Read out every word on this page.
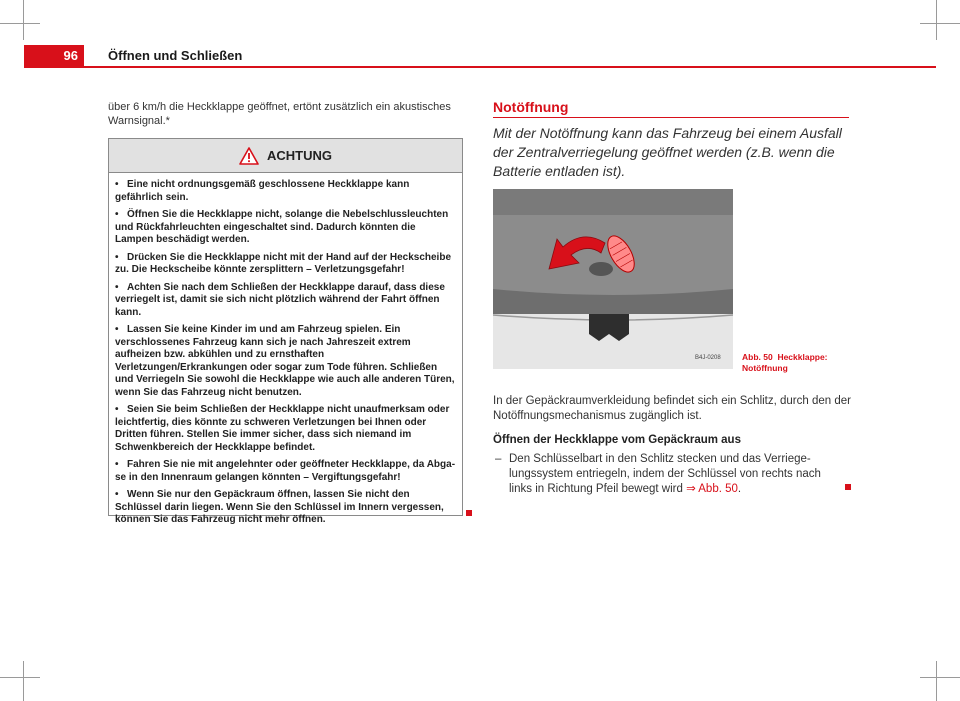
96	Öffnen und Schließen

über 6 km/h die Heckklappe geöffnet, ertönt zusätzlich ein akustisches Warnsignal.*

ACHTUNG
• Eine nicht ordnungsgemäß geschlossene Heckklappe kann gefährlich sein.
• Öffnen Sie die Heckklappe nicht, solange die Nebelschlussleuchten und Rückfahrleuchten eingeschaltet sind. Dadurch könnten die Lampen beschädigt werden.
• Drücken Sie die Heckklappe nicht mit der Hand auf der Heckscheibe zu. Die Heckscheibe könnte zersplittern – Verletzungsgefahr!
• Achten Sie nach dem Schließen der Heckklappe darauf, dass diese verriegelt ist, damit sie sich nicht plötzlich während der Fahrt öffnen kann.
• Lassen Sie keine Kinder im und am Fahrzeug spielen. Ein verschlossenes Fahrzeug kann sich je nach Jahreszeit extrem aufheizen bzw. abkühlen und zu ernsthaften Verletzungen/Erkrankungen oder sogar zum Tode führen. Schließen und Verriegeln Sie sowohl die Heckklappe wie auch alle anderen Türen, wenn Sie das Fahrzeug nicht benutzen.
• Seien Sie beim Schließen der Heckklappe nicht unaufmerksam oder leichtfertig, dies könnte zu schweren Verletzungen bei Ihnen oder Dritten führen. Stellen Sie immer sicher, dass sich niemand im Schwenkbereich der Heckklappe befindet.
• Fahren Sie nie mit angelehnter oder geöffneter Heckklappe, da Abgase in den Innenraum gelangen könnten – Vergiftungsgefahr!
• Wenn Sie nur den Gepäckraum öffnen, lassen Sie nicht den Schlüssel darin liegen. Wenn Sie den Schlüssel im Innern vergessen, können Sie das Fahrzeug nicht mehr öffnen.
Notöffnung

Mit der Notöffnung kann das Fahrzeug bei einem Ausfall der Zentralverriegelung geöffnet werden (z.B. wenn die Batterie entladen ist).

B4J-0208	Abb. 50 Heckklappe:
Notöffnung

In der Gepäckraumverkleidung befindet sich ein Schlitz, durch den der Notöffnungsmechanismus zugänglich ist.

Öffnen der Heckklappe vom Gepäckraum aus
– Den Schlüsselbart in den Schlitz stecken und das Verriegelungssystem entriegeln, indem der Schlüssel von rechts nach links in Richtung Pfeil bewegt wird ⇒ Abb. 50.
